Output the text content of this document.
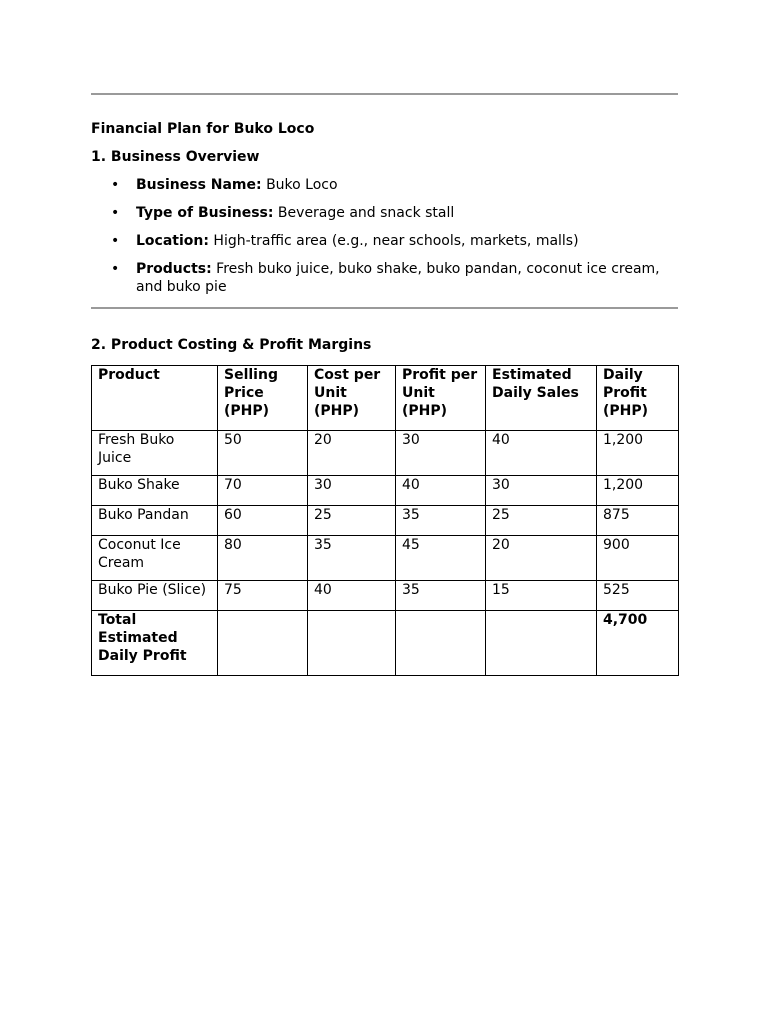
Financial Plan for Buko Loco
1. Business Overview
• Business Name: Buko Loco
• Type of Business: Beverage and snack stall
• Location: High-traffic area (e.g., near schools, markets, malls)
• Products: Fresh buko juice, buko shake, buko pandan, coconut ice cream, and buko pie
2. Product Costing & Profit Margins
Product	Selling Price (PHP)	Cost per Unit (PHP)	Profit per Unit (PHP)	Estimated Daily Sales	Daily Profit (PHP)
Fresh Buko Juice	50	20	30	40	1,200
Buko Shake	70	30	40	30	1,200
Buko Pandan	60	25	35	25	875
Coconut Ice Cream	80	35	45	20	900
Buko Pie (Slice)	75	40	35	15	525
Total Estimated Daily Profit					4,700
